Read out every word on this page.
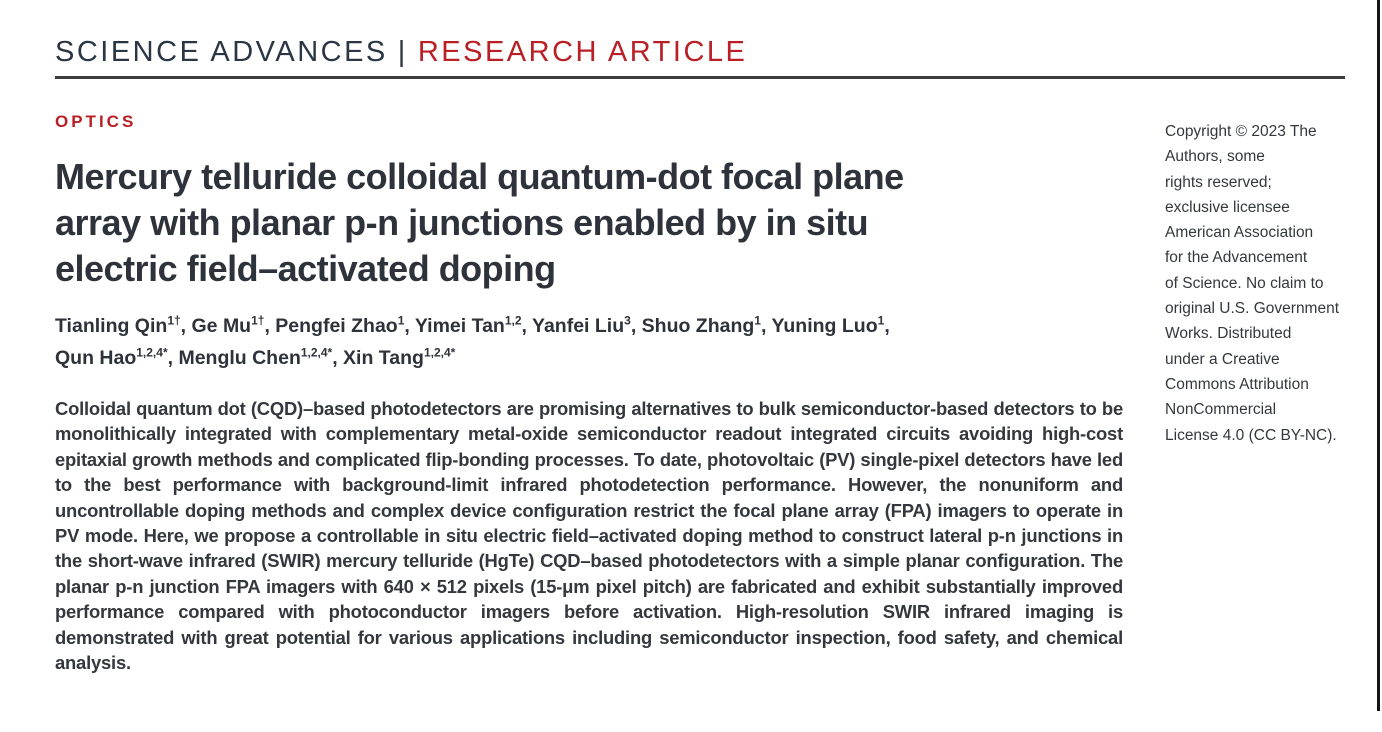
SCIENCE ADVANCES | RESEARCH ARTICLE
OPTICS
Mercury telluride colloidal quantum-dot focal plane
array with planar p-n junctions enabled by in situ
electric field–activated doping
Tianling Qin$^{1\dagger}$, Ge $Mu^{1\dagger}$, Pengfei Zhao$^1$, Yimei Tan$^{1,2}$, Yanfei Liu$^3$, Shuo Zhang$^1$, Yuning Luo$^1$,
Qun Hao$^{1,2,4*}$, Menglu Chen$^{1,2,4*}$, Xin Tang$^{1,2,4*}$

Colloidal quantum dot (CQD)–based photodetectors are promising alternatives to bulk semiconductor-based detectors to be monolithically integrated with complementary metal-oxide semiconductor readout integrated circuits avoiding high-cost epitaxial growth methods and complicated flip-bonding processes. To date, photovoltaic (PV) single-pixel detectors have led to the best performance with background-limit infrared photodetection performance. However, the nonuniform and uncontrollable doping methods and complex device configuration restrict the focal plane array (FPA) imagers to operate in PV mode. Here, we propose a controllable in situ electric field–activated doping method to construct lateral p-n junctions in the short-wave infrared (SWIR) mercury telluride (HgTe) CQD–based photodetectors with a simple planar configuration. The planar p-n junction FPA imagers with 640 × 512 pixels (15-μm pixel pitch) are fabricated and exhibit substantially improved performance compared with photoconductor imagers before activation. High-resolution SWIR infrared imaging is demonstrated with great potential for various applications including semiconductor inspection, food safety, and chemical analysis.

Copyright © 2023 The
Authors, some
rights reserved;
exclusive licensee
American Association
for the Advancement
of Science. No claim to
original U.S. Government
Works. Distributed
under a Creative
Commons Attribution
NonCommercial
License 4.0 (CC BY-NC).
